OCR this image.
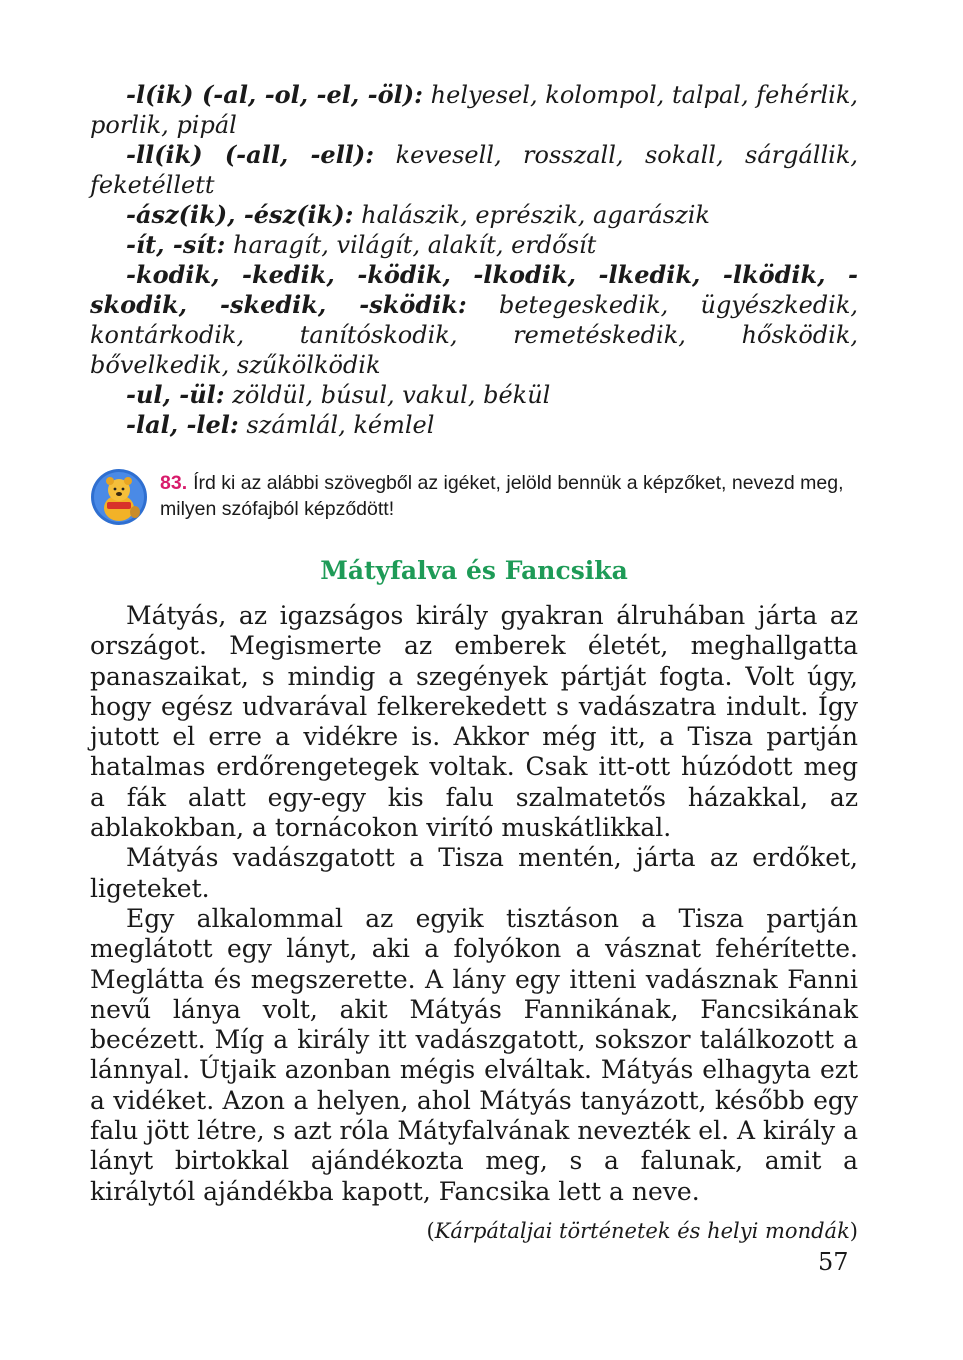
-l(ik) (-al, -ol, -el, -öl): helyesel, kolompol, talpal, fehérlik, porlik, pipál

-ll(ik) (-all, -ell): kevesell, rosszall, sokall, sárgállik, feketéllett

-ász(ik), -ész(ik): halászik, eprészik, agarászik

-ít, -sít: haragít, világít, alakít, erdősít

-kodik, -kedik, -ködik, -lkodik, -lkedik, -lködik, -skodik, -skedik, -sködik: betegeskedik, ügyészkedik, kontárkodik, tanítóskodik, remetéskedik, hősködik, bővelkedik, szűkölködik

-ul, -ül: zöldül, búsul, vakul, békül

-lal, -lel: számlál, kémlel

83. Írd ki az alábbi szövegből az igéket, jelöld bennük a képzőket, nevezd meg, milyen szófajból képződött!
Mátyfalva és Fancsika

Mátyás, az igazságos király gyakran álruhában járta az országot. Megismerte az emberek életét, meghallgatta panaszaikat, s mindig a szegények pártját fogta. Volt úgy, hogy egész udvarával felkerekedett s vadászatra indult. Így jutott el erre a vidékre is. Akkor még itt, a Tisza partján hatalmas erdőrengetegek voltak. Csak itt-ott húzódott meg a fák alatt egy-egy kis falu szalmatetős házakkal, az ablakokban, a tornácokon virító muskátlikkal.

Mátyás vadászgatott a Tisza mentén, járta az erdőket, ligeteket.

Egy alkalommal az egyik tisztáson a Tisza partján meglátott egy lányt, aki a folyókon a vásznat fehérítette. Meglátta és megszerette. A lány egy itteni vadásznak Fanni nevű lánya volt, akit Mátyás Fannikának, Fancsikának becézett. Míg a király itt vadászgatott, sokszor találkozott a lánnyal. Útjaik azonban mégis elváltak. Mátyás elhagyta ezt a vidéket. Azon a helyen, ahol Mátyás tanyázott, később egy falu jött létre, s azt róla Mátyfalvának nevezték el. A király a lányt birtokkal ajándékozta meg, s a falunak, amit a királytól ajándékba kapott, Fancsika lett a neve.

(Kárpátaljai történetek és helyi mondák)
57
